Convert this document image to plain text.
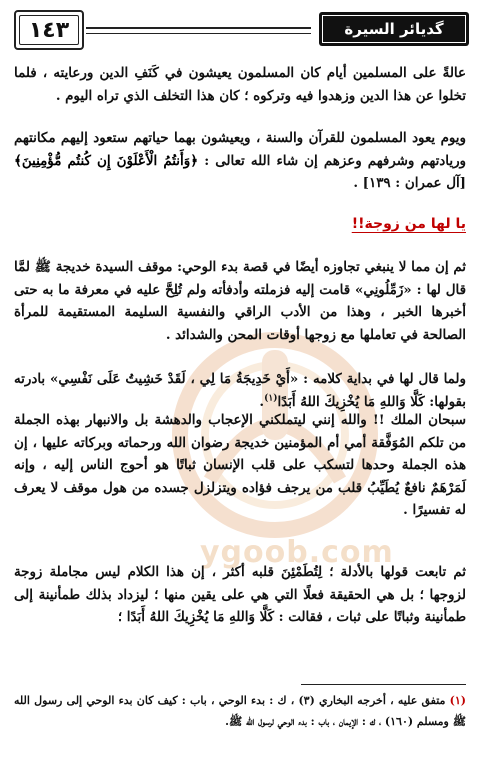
ygoob.com
١٤٣	ﮔﺪﯾﺎﺋﺮ ﺍﻟﺴﯿﺮﺓ
عالةً على المسلمين أيام كان المسلمون يعيشون في كَنَفِ الدين ورعايته ، فلما تخلوا عن هذا الدين وزهدوا فيه وتركوه ؛ كان هذا التخلف الذي تراه اليوم .
ويوم يعود المسلمون للقرآن والسنة ، ويعيشون بهما حياتهم ستعود إليهم مكانتهم وريادتهم وشرفهم وعزهم إن شاء الله تعالى : ﴿وَأَنتُمُ الْأَعْلَوْنَ إِن كُنتُم مُّؤْمِنِينَ﴾ [آل عمران : ١٣٩] .
يا لها من زوجة!!
ثم إن مما لا ينبغي تجاوزه أيضًا في قصة بدء الوحي: موقف السيدة خديجة ﷺ لمَّا قال لها : «زَمِّلُونِي» قامت إليه فزملته وأدفأته ولم تُلِحَّ عليه في معرفة ما به حتى أخبرها الخبر ، وهذا من الأدب الراقي والنفسية السليمة المستقيمة للمرأة الصالحة في تعاملها مع زوجها أوقات المحن والشدائد .
ولما قال لها في بداية كلامه : «أَيْ خَدِيجَةُ مَا لِي ، لَقَدْ خَشِيتُ عَلَى نَفْسِي» بادرته بقولها: كَلَّا وَاللهِ مَا يُخْزِيكَ اللهُ أَبَدًا$^{(١)}$.
سبحان الملك !! والله إنني ليتملكني الإعجاب والدهشة بل والانبهار بهذه الجملة من تلكم المُوَفَّقة أمي أم المؤمنين خديجة رضوان الله ورحماته وبركاته عليها ، إن هذه الجملة وحدها لتسكب على قلب الإنسان ثباتًا هو أحوج الناس إليه ، وإنه لَمَرْهَمٌ نافعٌ يُطَيِّبُ قلب من يرجف فؤاده ويتزلزل جسده من هول موقف لا يعرف له تفسيرًا .
ثم تابعت قولها بالأدلة ؛ لِتُطَمْئِنَ قلبه أكثر ، إن هذا الكلام ليس مجاملة زوجة لزوجها ؛ بل هي الحقيقة فعلًا التي هي على يقين منها ؛ ليزداد بذلك طمأنينة إلى طمأنينة وثباتًا على ثبات ، فقالت : كَلَّا وَاللهِ مَا يُخْزِيكَ اللهُ أَبَدًا ؛
(١) متفق عليه ، أخرجه البخاري (٣) ، ك : بدء الوحي ، باب : كيف كان بدء الوحي إلى رسول الله ﷺ ومسلم (١٦٠) ، ك : الإيمان ، باب : بدء الوحي لرسول الله ﷺ.
